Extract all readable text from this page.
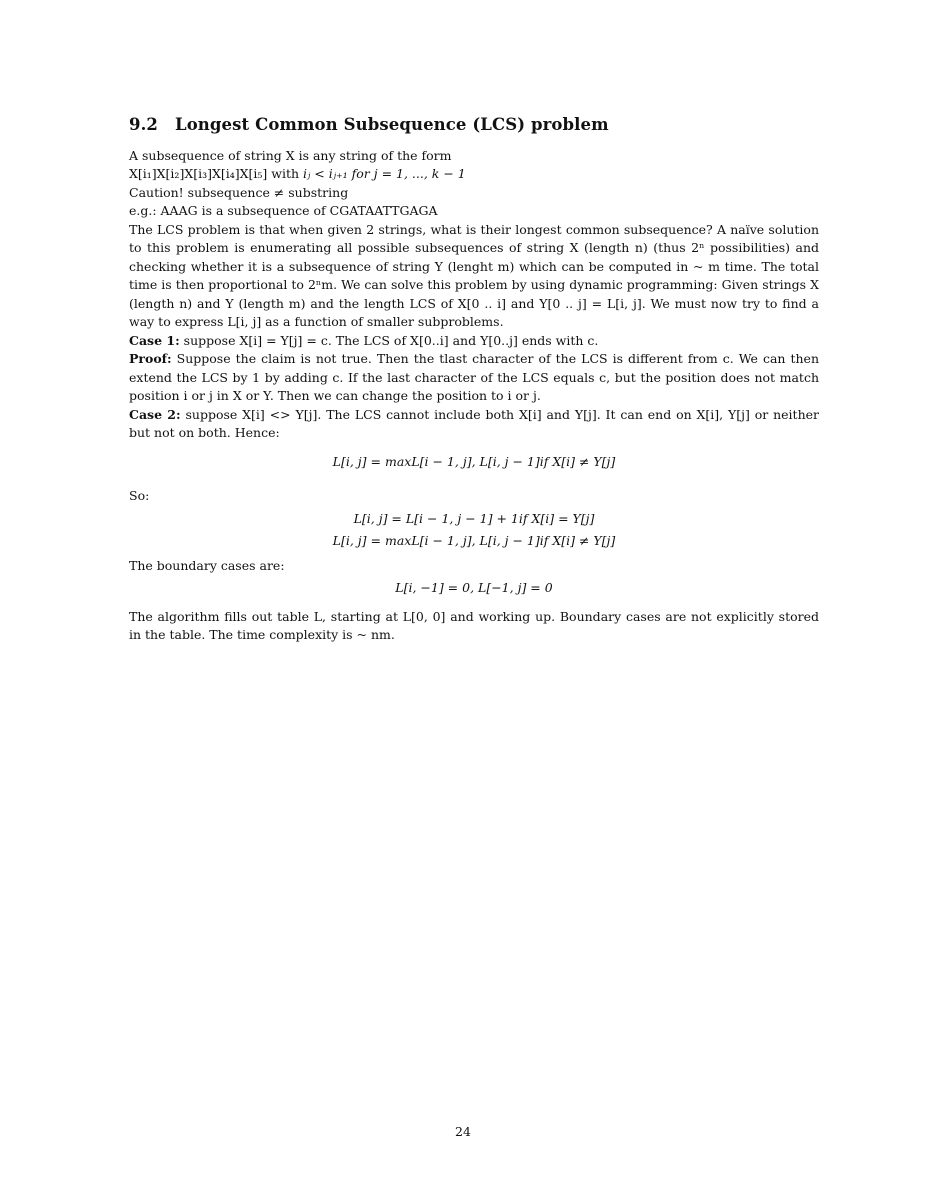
9.2 Longest Common Subsequence (LCS) problem
A subsequence of string X is any string of the form
X[i₁]X[i₂]X[i₃]X[i₄]X[i₅] with iⱼ < iⱼ₊₁ for j = 1, ..., k − 1
Caution! subsequence ≠ substring
e.g.: AAAG is a subsequence of CGATAATTGAGA
The LCS problem is that when given 2 strings, what is their longest common subsequence? A naïve solution to this problem is enumerating all possible subsequences of string X (length n) (thus 2ⁿ possibilities) and checking whether it is a subsequence of string Y (lenght m) which can be computed in ~ m time. The total time is then proportional to 2ⁿm. We can solve this problem by using dynamic programming: Given strings X (length n) and Y (length m) and the length LCS of X[0 .. i] and Y[0 .. j] = L[i, j]. We must now try to find a way to express L[i, j] as a function of smaller subproblems.
Case 1: suppose X[i] = Y[j] = c. The LCS of X[0..i] and Y[0..j] ends with c.
Proof: Suppose the claim is not true. Then the tlast character of the LCS is different from c. We can then extend the LCS by 1 by adding c. If the last character of the LCS equals c, but the position does not match position i or j in X or Y. Then we can change the position to i or j.
Case 2: suppose X[i] <> Y[j]. The LCS cannot include both X[i] and Y[j]. It can end on X[i], Y[j] or neither but not on both. Hence:
L[i, j] = maxL[i − 1, j], L[i, j − 1]if X[i] ≠ Y[j]
So:
L[i, j] = L[i − 1, j − 1] + 1if X[i] = Y[j]
L[i, j] = maxL[i − 1, j], L[i, j − 1]if X[i] ≠ Y[j]
The boundary cases are:
L[i, −1] = 0, L[−1, j] = 0
The algorithm fills out table L, starting at L[0, 0] and working up. Boundary cases are not explicitly stored in the table. The time complexity is ~ nm.
24
